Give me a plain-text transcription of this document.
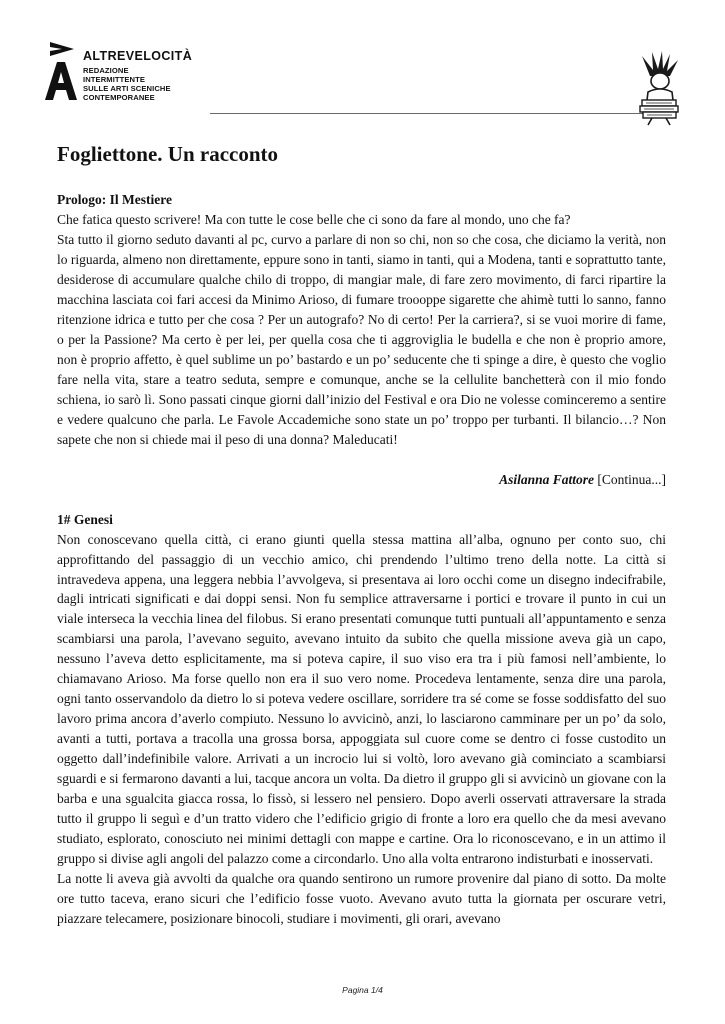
ALTREVELOCITÀ
REDAZIONE
INTERMITTENTE
SULLE ARTI SCENICHE
CONTEMPORANEE
Fogliettone. Un racconto

Prologo: Il Mestiere

Che fatica questo scrivere! Ma con tutte le cose belle che ci sono da fare al mondo, uno che fa?

Sta tutto il giorno seduto davanti al pc, curvo a parlare di non so chi, non so che cosa, che diciamo la verità, non lo riguarda, almeno non direttamente, eppure sono in tanti, siamo in tanti, qui a Modena, tanti e soprattutto tante, desiderose di accumulare qualche chilo di troppo, di mangiar male, di fare zero movimento, di farci ripartire la macchina lasciata coi fari accesi da Minimo Arioso, di fumare troooppe sigarette che ahimè tutti lo sanno, fanno ritenzione idrica e tutto per che cosa ? Per un autografo? No di certo! Per la carriera?, si se vuoi morire di fame, o per la Passione? Ma certo è per lei, per quella cosa che ti aggroviglia le budella e che non è proprio amore, non è proprio affetto, è quel sublime un po’ bastardo e un po’ seducente che ti spinge a dire, è questo che voglio fare nella vita, stare a teatro seduta, sempre e comunque, anche se la cellulite banchetterà con il mio fondo schiena, io sarò lì. Sono passati cinque giorni dall’inizio del Festival e ora Dio ne volesse cominceremo a sentire e vedere qualcuno che parla. Le Favole Accademiche sono state un po’ troppo per turbanti. Il bilancio…? Non sapete che non si chiede mai il peso di una donna? Maleducati!

Asilanna Fattore [Continua...]

1# Genesi

Non conoscevano quella città, ci erano giunti quella stessa mattina all’alba, ognuno per conto suo, chi approfittando del passaggio di un vecchio amico, chi prendendo l’ultimo treno della notte. La città si intravedeva appena, una leggera nebbia l’avvolgeva, si presentava ai loro occhi come un disegno indecifrabile, dagli intricati significati e dai doppi sensi. Non fu semplice attraversarne i portici e trovare il punto in cui un viale interseca la vecchia linea del filobus. Si erano presentati comunque tutti puntuali all’appuntamento e senza scambiarsi una parola, l’avevano seguito, avevano intuito da subito che quella missione aveva già un capo, nessuno l’aveva detto esplicitamente, ma si poteva capire, il suo viso era tra i più famosi nell’ambiente, lo chiamavano Arioso. Ma forse quello non era il suo vero nome. Procedeva lentamente, senza dire una parola, ogni tanto osservandolo da dietro lo si poteva vedere oscillare, sorridere tra sé come se fosse soddisfatto del suo lavoro prima ancora d’averlo compiuto. Nessuno lo avvicinò, anzi, lo lasciarono camminare per un po’ da solo, avanti a tutti, portava a tracolla una grossa borsa, appoggiata sul cuore come se dentro ci fosse custodito un oggetto dall’indefinibile valore. Arrivati a un incrocio lui si voltò, loro avevano già cominciato a scambiarsi sguardi e si fermarono davanti a lui, tacque ancora un volta. Da dietro il gruppo gli si avvicinò un giovane con la barba e una sgualcita giacca rossa, lo fissò, si lessero nel pensiero. Dopo averli osservati attraversare la strada tutto il gruppo li seguì e d’un tratto videro che l’edificio grigio di fronte a loro era quello che da mesi avevano studiato, esplorato, conosciuto nei minimi dettagli con mappe e cartine. Ora lo riconoscevano, e in un attimo il gruppo si divise agli angoli del palazzo come a circondarlo. Uno alla volta entrarono indisturbati e inosservati.

La notte li aveva già avvolti da qualche ora quando sentirono un rumore provenire dal piano di sotto. Da molte ore tutto taceva, erano sicuri che l’edificio fosse vuoto. Avevano avuto tutta la giornata per oscurare vetri, piazzare telecamere, posizionare binocoli, studiare i movimenti, gli orari, avevano

Pagina 1/4
